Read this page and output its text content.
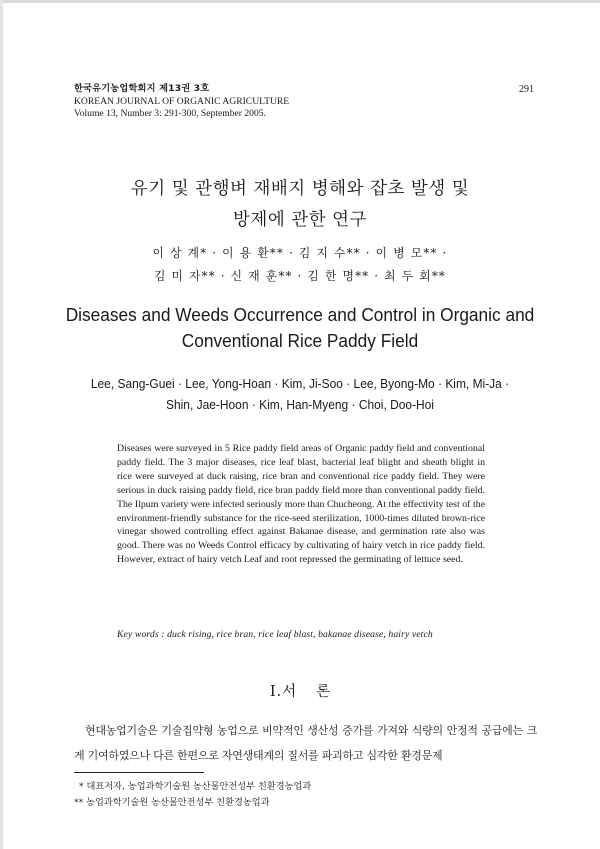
한국유기농업학회지 제13권 3호
KOREAN JOURNAL OF ORGANIC AGRICULTURE
Volume 13, Number 3: 291-300, September 2005.
291
유기 및 관행벼 재배지 병해와 잡초 발생 및
방제에 관한 연구
이 상 계* · 이 용 환** · 김 지 수** · 이 병 모** ·
김 미 자** · 신 재 훈** · 김 한 명** · 최 두 회**
Diseases and Weeds Occurrence and Control in Organic and
Conventional Rice Paddy Field
Lee, Sang-Guei · Lee, Yong-Hoan · Kim, Ji-Soo · Lee, Byong-Mo · Kim, Mi-Ja ·
Shin, Jae-Hoon · Kim, Han-Myeng · Choi, Doo-Hoi
Diseases were surveyed in 5 Rice paddy field areas of Organic paddy field and conventional paddy field. The 3 major diseases, rice leaf blast, bacterial leaf blight and sheath blight in rice were surveyed at duck raising, rice bran and conventional rice paddy field. They were serious in duck raising paddy field, rice bran paddy field more than conventional paddy field. The Ilpum variety were infected seriously more than Chucheong. At the effectivity test of the environment-friendly substance for the rice-seed sterilization, 1000-times diluted brown-rice vinegar showed controlling effect against Bakanae disease, and germination rate also was good. There was no Weeds Control efficacy by cultivating of hairy vetch in rice paddy field. However, extract of hairy vetch Leaf and root repressed the germinating of lettuce seed.
Key words : duck rising, rice bran, rice leaf blast, bakanae disease, hairy vetch
Ⅰ.서론
현대농업기술은 기술집약형 농업으로 비약적인 생산성 증가를 가져와 식량의 안정적 공급에는 크게 기여하였으나 다른 한편으로 자연생태계의 질서를 파괴하고 심각한 환경문제
* 대표저자, 농업과학기술원 농산물안전성부 친환경농업과
** 농업과학기술원 농산물안전성부 친환경농업과
